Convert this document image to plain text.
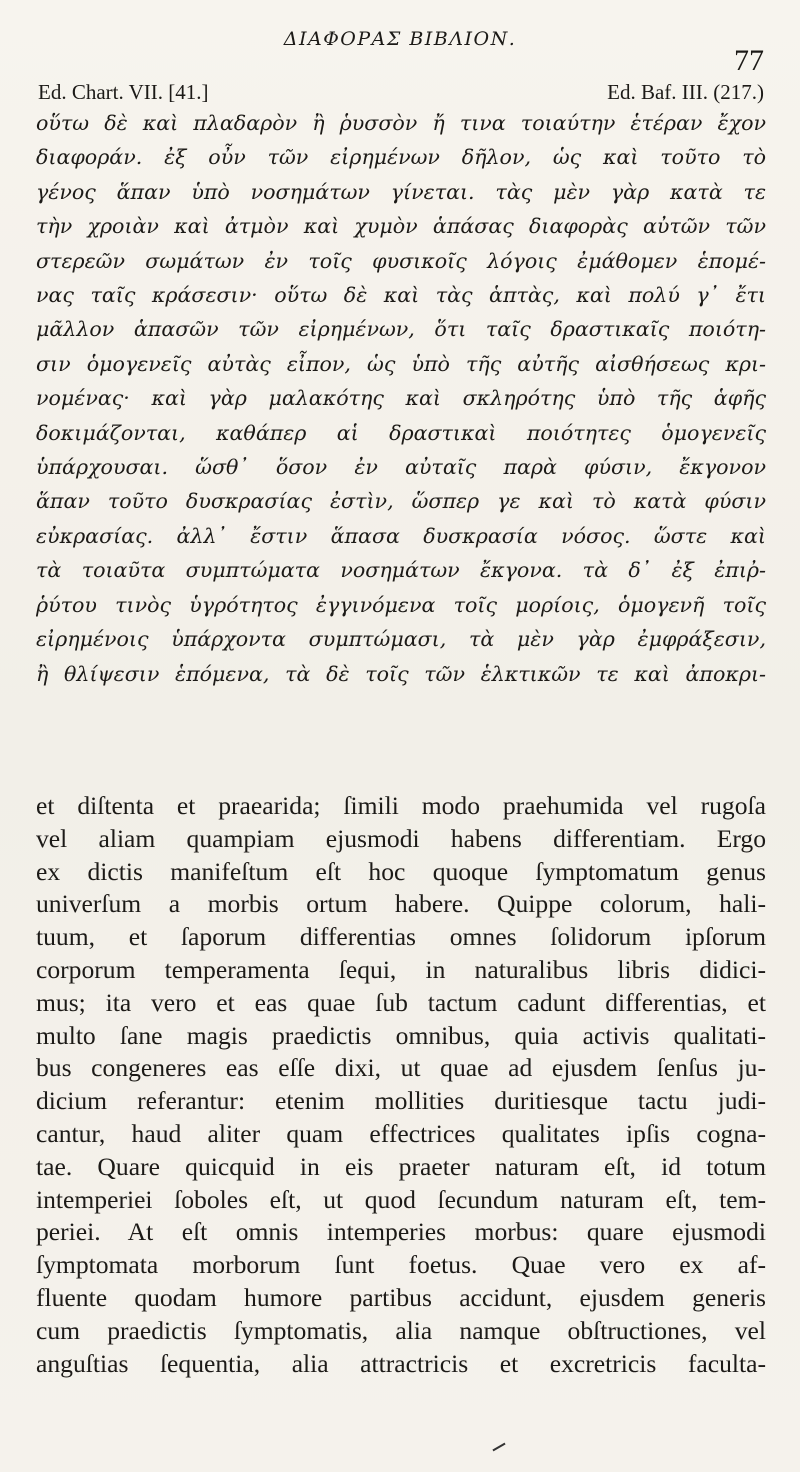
ΔΙΑΦΟΡΑΣ ΒΙΒΛΙΟΝ.
77
Ed. Chart. VII. [41.]	Ed. Baf. III. (217.)
οὕτω δὲ καὶ πλαδαρὸν ἢ ῥυσσὸν ἤ τινα τοιαύτην ἑτέραν ἔχον
διαφοράν. ἐξ οὖν τῶν εἰρημένων δῆλον, ὡς καὶ τοῦτο τὸ
γένος ἅπαν ὑπὸ νοσημάτων γίνεται. τὰς μὲν γὰρ κατὰ τε
τὴν χροιὰν καὶ ἀτμὸν καὶ χυμὸν ἁπάσας διαφορὰς αὐτῶν τῶν
στερεῶν σωμάτων ἐν τοῖς φυσικοῖς λόγοις ἐμάθομεν ἑπομέ-
νας ταῖς κράσεσιν· οὕτω δὲ καὶ τὰς ἁπτὰς, καὶ πολύ γ᾽ ἔτι
μᾶλλον ἁπασῶν τῶν εἰρημένων, ὅτι ταῖς δραστικαῖς ποιότη-
σιν ὁμογενεῖς αὐτὰς εἶπον, ὡς ὑπὸ τῆς αὐτῆς αἰσθήσεως κρι-
νομένας· καὶ γὰρ μαλακότης καὶ σκληρότης ὑπὸ τῆς ἁφῆς
δοκιμάζονται, καθάπερ αἱ δραστικαὶ ποιότητες ὁμογενεῖς
ὑπάρχουσαι. ὥσθ᾽ ὅσον ἐν αὐταῖς παρὰ φύσιν, ἔκγονον
ἅπαν τοῦτο δυσκρασίας ἐστὶν, ὥσπερ γε καὶ τὸ κατὰ φύσιν
εὐκρασίας. ἀλλ᾽ ἔστιν ἅπασα δυσκρασία νόσος. ὥστε καὶ
τὰ τοιαῦτα συμπτώματα νοσημάτων ἔκγονα. τὰ δ᾽ ἐξ ἐπιῤ-
ῥύτου τινὸς ὑγρότητος ἐγγινόμενα τοῖς μορίοις, ὁμογενῆ τοῖς
εἰρημένοις ὑπάρχοντα συμπτώμασι, τὰ μὲν γὰρ ἐμφράξεσιν,
ἢ θλίψεσιν ἑπόμενα, τὰ δὲ τοῖς τῶν ἑλκτικῶν τε καὶ ἀποκρι-
et diſtenta et praearida; ſimili modo praehumida vel rugoſa
vel aliam quampiam ejusmodi habens differentiam. Ergo
ex dictis manifeſtum eſt hoc quoque ſymptomatum genus
univerſum a morbis ortum habere. Quippe colorum, hali-
tuum, et ſaporum differentias omnes ſolidorum ipſorum
corporum temperamenta ſequi, in naturalibus libris didici-
mus; ita vero et eas quae ſub tactum cadunt differentias, et
multo ſane magis praedictis omnibus, quia activis qualitati-
bus congeneres eas eſſe dixi, ut quae ad ejusdem ſenſus ju-
dicium referantur: etenim mollities duritiesque tactu judi-
cantur, haud aliter quam effectrices qualitates ipſis cogna-
tae. Quare quicquid in eis praeter naturam eſt, id totum
intemperiei ſoboles eſt, ut quod ſecundum naturam eſt, tem-
periei. At eſt omnis intemperies morbus: quare ejusmodi
ſymptomata morborum ſunt foetus. Quae vero ex af-
fluente quodam humore partibus accidunt, ejusdem generis
cum praedictis ſymptomatis, alia namque obſtructiones, vel
anguſtias ſequentia, alia attractricis et excretricis faculta-
